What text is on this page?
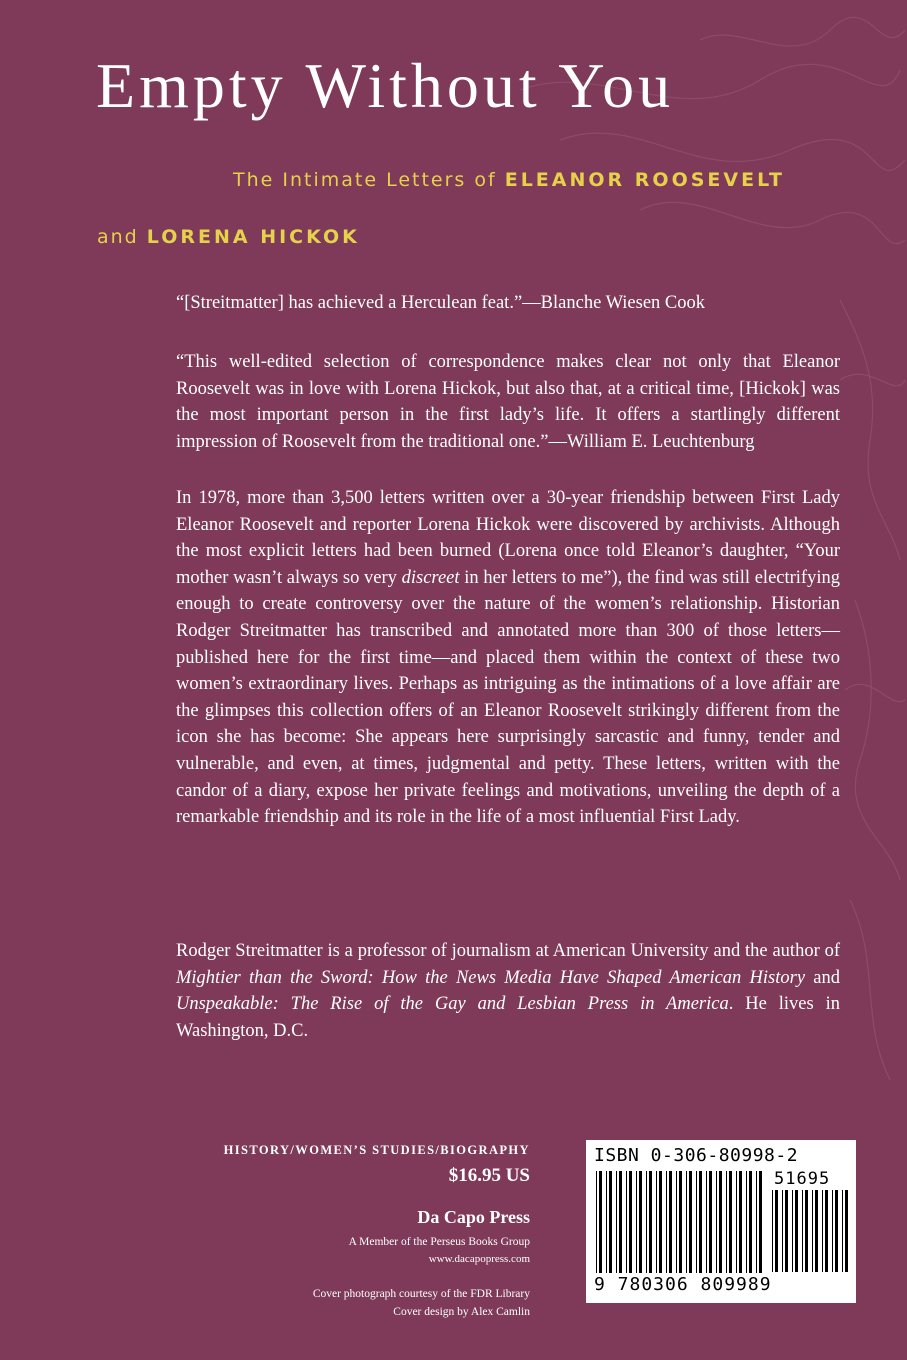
Empty Without You
The Intimate Letters of ELEANOR ROOSEVELT
and LORENA HICKOK

“[Streitmatter] has achieved a Herculean feat.”—Blanche Wiesen Cook

“This well-edited selection of correspondence makes clear not only that Eleanor Roosevelt was in love with Lorena Hickok, but also that, at a critical time, [Hickok] was the most important person in the first lady’s life. It offers a startlingly different impression of Roosevelt from the traditional one.”—William E. Leuchtenburg

In 1978, more than 3,500 letters written over a 30-year friendship between First Lady Eleanor Roosevelt and reporter Lorena Hickok were discovered by archivists. Although the most explicit letters had been burned (Lorena once told Eleanor’s daughter, “Your mother wasn’t always so very discreet in her letters to me”), the find was still electrifying enough to create controversy over the nature of the women’s relationship. Historian Rodger Streitmatter has transcribed and annotated more than 300 of those letters—published here for the first time—and placed them within the context of these two women’s extraordinary lives. Perhaps as intriguing as the intimations of a love affair are the glimpses this collection offers of an Eleanor Roosevelt strikingly different from the icon she has become: She appears here surprisingly sarcastic and funny, tender and vulnerable, and even, at times, judgmental and petty. These letters, written with the candor of a diary, expose her private feelings and motivations, unveiling the depth of a remarkable friendship and its role in the life of a most influential First Lady.

Rodger Streitmatter is a professor of journalism at American University and the author of Mightier than the Sword: How the News Media Have Shaped American History and Unspeakable: The Rise of the Gay and Lesbian Press in America. He lives in Washington, D.C.

HISTORY/WOMEN’S STUDIES/BIOGRAPHY
$16.95 US
Da Capo Press
A Member of the Perseus Books Group
www.dacapopress.com
Cover photograph courtesy of the FDR Library
Cover design by Alex Camlin
ISBN 0-306-80998-2
51695
9 780306 809989
